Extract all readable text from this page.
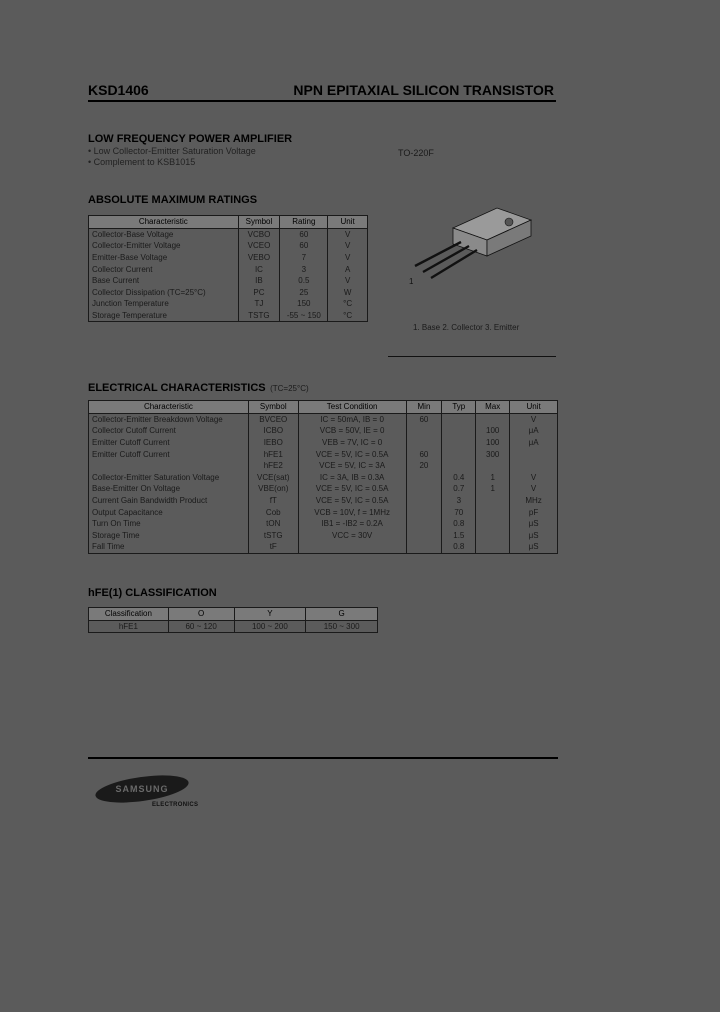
KSD1406	NPN EPITAXIAL SILICON TRANSISTOR
LOW FREQUENCY POWER AMPLIFIER
• Low Collector-Emitter Saturation Voltage
• Complement to KSB1015
TO-220F
ABSOLUTE MAXIMUM RATINGS
Characteristic	Symbol	Rating	Unit
Collector-Base Voltage	VCBO	60	V
Collector-Emitter Voltage	VCEO	60	V
Emitter-Base Voltage	VEBO	7	V
Collector Current	IC	3	A
Base Current	IB	0.5	V
Collector Dissipation (TC=25°C)	PC	25	W
Junction Temperature	TJ	150	°C
Storage Temperature	TSTG	-55 ~ 150	°C
1
1. Base 2. Collector 3. Emitter
ELECTRICAL CHARACTERISTICS (TC=25°C)
Characteristic	Symbol	Test Condition	Min	Typ	Max	Unit
Collector-Emitter Breakdown Voltage	BVCEO	IC = 50mA, IB = 0	60			V
Collector Cutoff Current	ICBO	VCB = 50V, IE = 0			100	μA
Emitter Cutoff Current	IEBO	VEB = 7V, IC = 0			100	μA
Emitter Cutoff Current	hFE1	VCE = 5V, IC = 0.5A	60		300	
	hFE2	VCE = 5V, IC = 3A	20			
Collector-Emitter Saturation Voltage	VCE(sat)	IC = 3A, IB = 0.3A		0.4	1	V
Base-Emitter On Voltage	VBE(on)	VCE = 5V, IC = 0.5A		0.7	1	V
Current Gain Bandwidth Product	fT	VCE = 5V, IC = 0.5A		3		MHz
Output Capacitance	Cob	VCB = 10V, f = 1MHz		70		pF
Turn On Time	tON	IB1 = -IB2 = 0.2A		0.8		μS
Storage Time	tSTG	VCC = 30V		1.5		μS
Fall Time	tF			0.8		μS
hFE(1) CLASSIFICATION
Classification	O	Y	G
hFE1	60 ~ 120	100 ~ 200	150 ~ 300
SAMSUNG
ELECTRONICS
